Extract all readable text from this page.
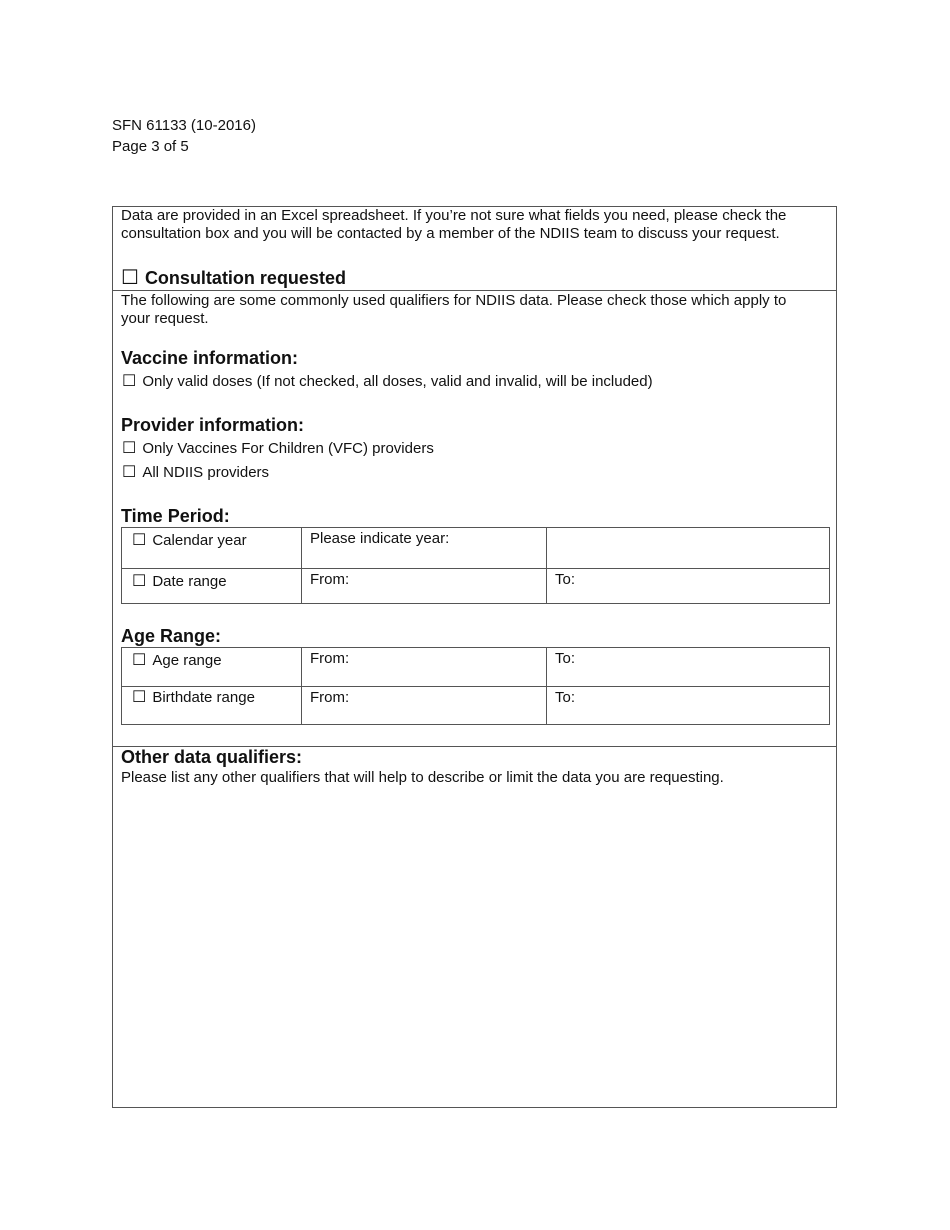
SFN 61133 (10-2016)
Page 3 of 5
Data are provided in an Excel spreadsheet. If you’re not sure what fields you need, please check the
consultation box and you will be contacted by a member of the NDIIS team to discuss your request.
☐ Consultation requested
The following are some commonly used qualifiers for NDIIS data. Please check those which apply to
your request.
Vaccine information:
☐ Only valid doses (If not checked, all doses, valid and invalid, will be included)
Provider information:
☐ Only Vaccines For Children (VFC) providers
☐ All NDIIS providers
Time Period:
☐ Calendar year	Please indicate year:	

☐ Date range	From:	To:
Age Range:
☐ Age range	From:	To:

☐ Birthdate range	From:	To:
Other data qualifiers:
Please list any other qualifiers that will help to describe or limit the data you are requesting.
